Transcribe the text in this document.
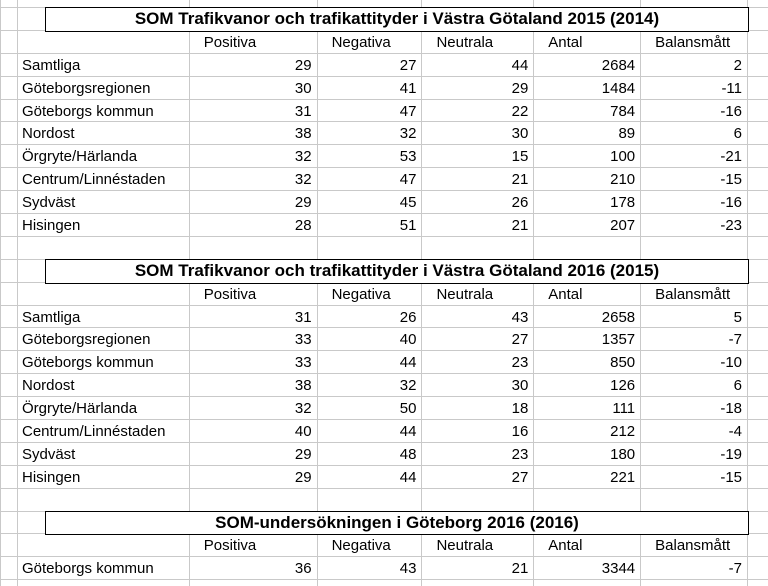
SOM Trafikvanor och trafikattityder i Västra Götaland 2015 (2014)
Positiva	Negativa	Neutrala	Antal	Balansmått
Samtliga	29	27	44	2684	2
Göteborgsregionen	30	41	29	1484	-11
Göteborgs kommun	31	47	22	784	-16
Nordost	38	32	30	89	6
Örgryte/Härlanda	32	53	15	100	-21
Centrum/Linnéstaden	32	47	21	210	-15
Sydväst	29	45	26	178	-16
Hisingen	28	51	21	207	-23
SOM Trafikvanor och trafikattityder i Västra Götaland 2016 (2015)
Positiva	Negativa	Neutrala	Antal	Balansmått
Samtliga	31	26	43	2658	5
Göteborgsregionen	33	40	27	1357	-7
Göteborgs kommun	33	44	23	850	-10
Nordost	38	32	30	126	6
Örgryte/Härlanda	32	50	18	111	-18
Centrum/Linnéstaden	40	44	16	212	-4
Sydväst	29	48	23	180	-19
Hisingen	29	44	27	221	-15
SOM-undersökningen i Göteborg 2016 (2016)
Positiva	Negativa	Neutrala	Antal	Balansmått
Göteborgs kommun	36	43	21	3344	-7
